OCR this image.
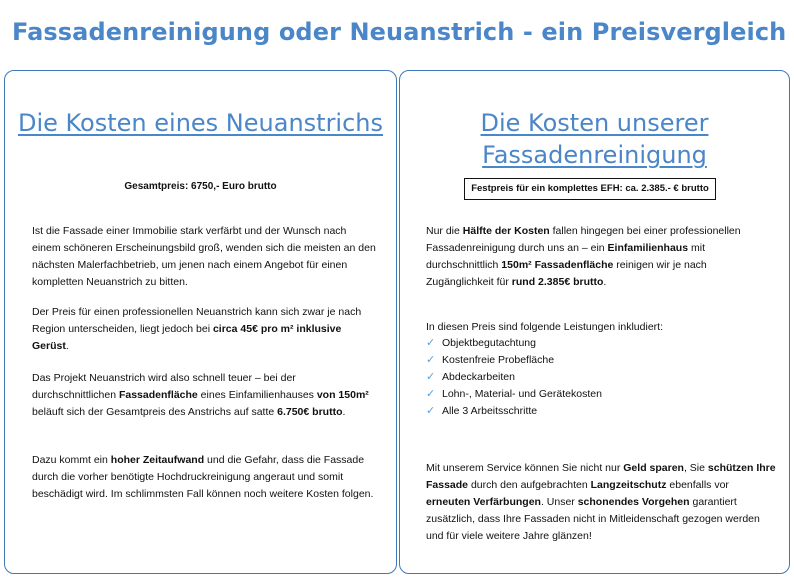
Fassadenreinigung oder Neuanstrich - ein Preisvergleich
Die Kosten eines Neuanstrichs
Gesamtpreis: 6750,- Euro brutto

Ist die Fassade einer Immobilie stark verfärbt und der Wunsch nach einem schöneren Erscheinungsbild groß, wenden sich die meisten an den nächsten Malerfachbetrieb, um jenen nach einem Angebot für einen kompletten Neuanstrich zu bitten.

Der Preis für einen professionellen Neuanstrich kann sich zwar je nach Region unterscheiden, liegt jedoch bei circa 45€ pro m² inklusive Gerüst.

Das Projekt Neuanstrich wird also schnell teuer – bei der durchschnittlichen Fassadenfläche eines Einfamilienhauses von 150m² beläuft sich der Gesamtpreis des Anstrichs auf satte 6.750€ brutto.

Dazu kommt ein hoher Zeitaufwand und die Gefahr, dass die Fassade durch die vorher benötigte Hochdruckreinigung angeraut und somit beschädigt wird. Im schlimmsten Fall können noch weitere Kosten folgen.

Die Kosten unserer Fassadenreinigung
Festpreis für ein komplettes EFH: ca. 2.385.- € brutto

Nur die Hälfte der Kosten fallen hingegen bei einer professionellen Fassadenreinigung durch uns an – ein Einfamilienhaus mit durchschnittlich 150m² Fassadenfläche reinigen wir je nach Zugänglichkeit für rund 2.385€ brutto.

In diesen Preis sind folgende Leistungen inkludiert:

✓ Objektbegutachtung
✓ Kostenfreie Probefläche
✓ Abdeckarbeiten
✓ Lohn-, Material- und Gerätekosten
✓ Alle 3 Arbeitsschritte

Mit unserem Service können Sie nicht nur Geld sparen, Sie schützen Ihre Fassade durch den aufgebrachten Langzeitschutz ebenfalls vor erneuten Verfärbungen. Unser schonendes Vorgehen garantiert zusätzlich, dass Ihre Fassaden nicht in Mitleidenschaft gezogen werden und für viele weitere Jahre glänzen!
